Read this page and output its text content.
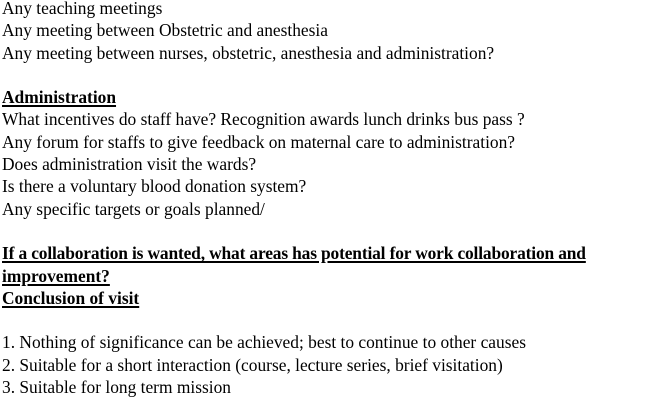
Any teaching meetings
Any meeting between Obstetric and anesthesia
Any meeting between nurses, obstetric, anesthesia and administration?
Administration
What incentives do staff have? Recognition awards lunch drinks bus pass ?
Any forum for staffs to give feedback on maternal care to administration?
Does administration visit the wards?
Is there a voluntary blood donation system?
Any specific targets or goals planned/
If a collaboration is wanted, what areas has potential for work collaboration and
improvement?
Conclusion of visit
1. Nothing of significance can be achieved; best to continue to other causes
2. Suitable for a short interaction (course, lecture series, brief visitation)
3. Suitable for long term mission
